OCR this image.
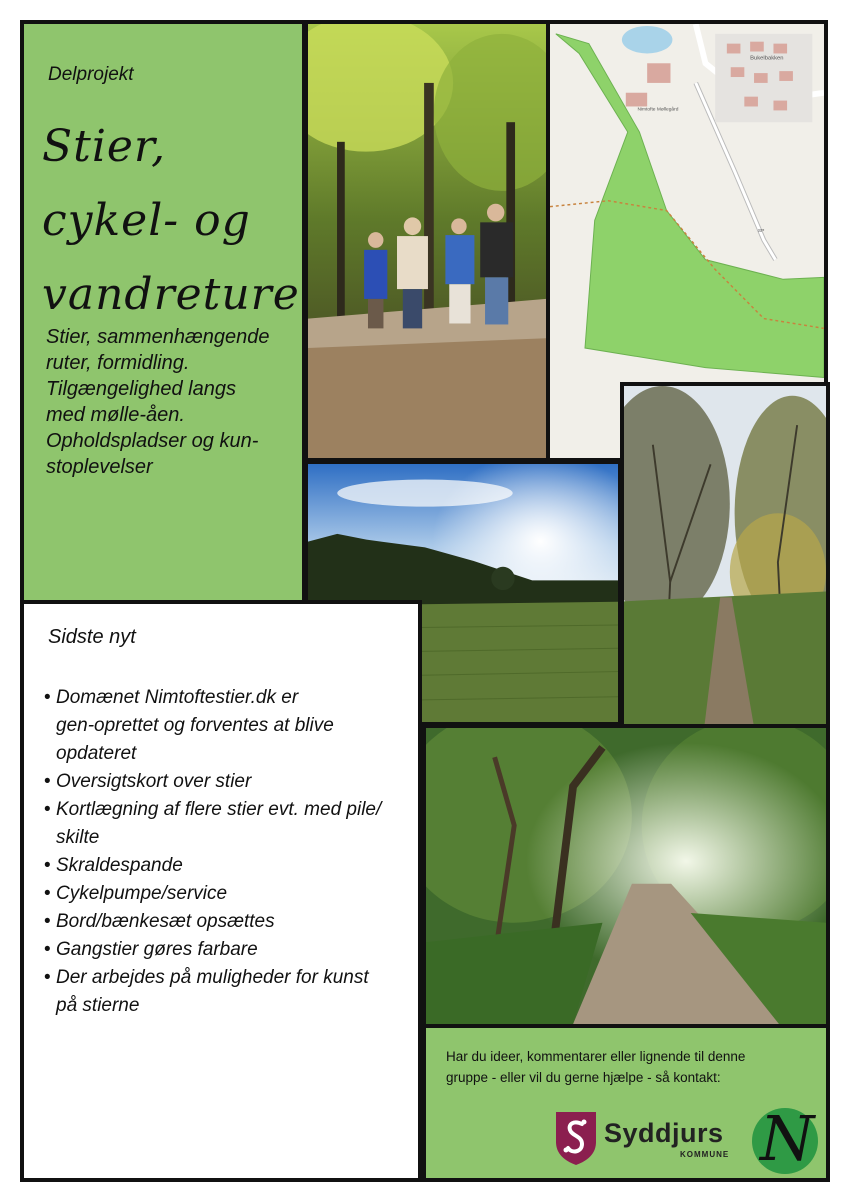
Delprojekt
Stier,
cykel- og
vandreture
Stier, sammenhængende
ruter, formidling.
Tilgængelighed langs
med mølle-åen.
Opholdspladser og kun-
stoplevelser
Bukelbakken
Nimtofte Møllegård
SP
Sidste nyt
• Domænet Nimtoftestier.dk er
gen-oprettet og forventes at blive
opdateret
• Oversigtskort over stier
• Kortlægning af flere stier evt. med pile/
skilte
• Skraldespande
• Cykelpumpe/service
• Bord/bænkesæt opsættes
• Gangstier gøres farbare
• Der arbejdes på muligheder for kunst
på stierne
Har du ideer, kommentarer eller lignende til denne
gruppe - eller vil du gerne hjælpe - så kontakt:
Syddjurs
KOMMUNE N
